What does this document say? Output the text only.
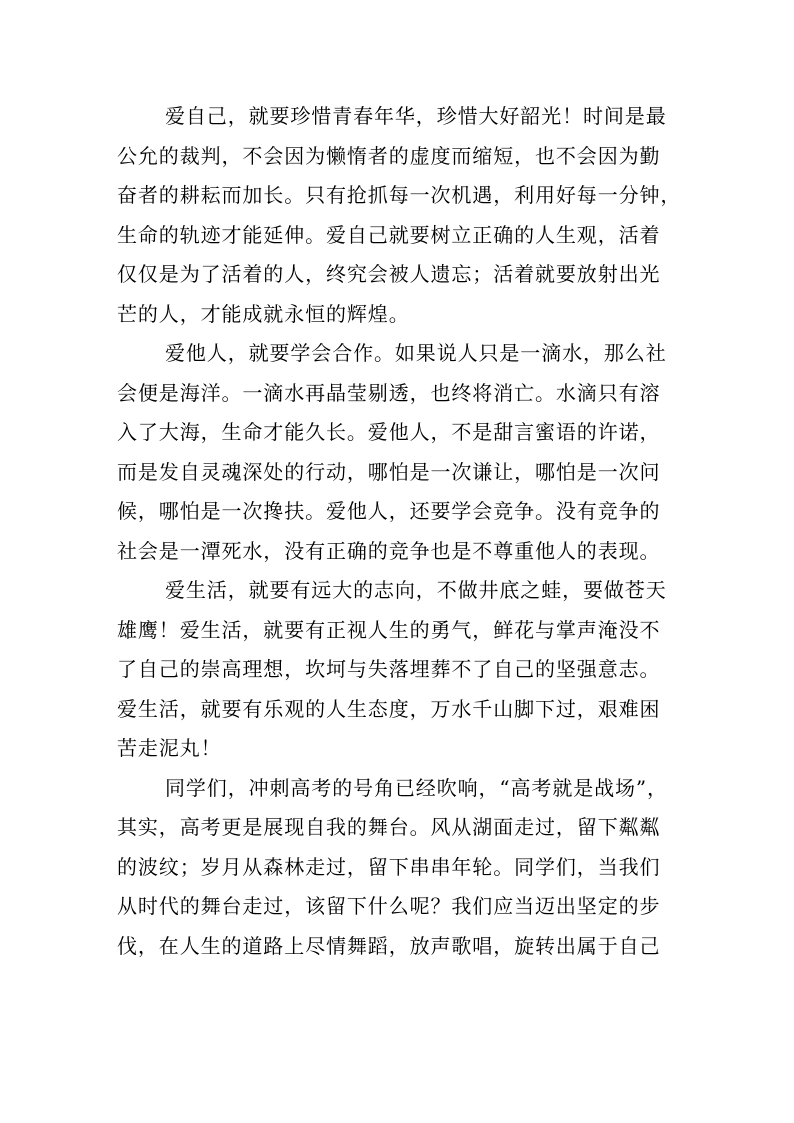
爱自己，就要珍惜青春年华，珍惜大好韶光！时间是最
公允的裁判，不会因为懒惰者的虚度而缩短，也不会因为勤
奋者的耕耘而加长。只有抢抓每一次机遇，利用好每一分钟，
生命的轨迹才能延伸。爱自己就要树立正确的人生观，活着
仅仅是为了活着的人，终究会被人遗忘；活着就要放射出光
芒的人，才能成就永恒的辉煌。
爱他人，就要学会合作。如果说人只是一滴水，那么社
会便是海洋。一滴水再晶莹剔透，也终将消亡。水滴只有溶
入了大海，生命才能久长。爱他人，不是甜言蜜语的许诺，
而是发自灵魂深处的行动，哪怕是一次谦让，哪怕是一次问
候，哪怕是一次搀扶。爱他人，还要学会竞争。没有竞争的
社会是一潭死水，没有正确的竞争也是不尊重他人的表现。
爱生活，就要有远大的志向，不做井底之蛙，要做苍天
雄鹰！爱生活，就要有正视人生的勇气，鲜花与掌声淹没不
了自己的崇高理想，坎坷与失落埋葬不了自己的坚强意志。
爱生活，就要有乐观的人生态度，万水千山脚下过，艰难困
苦走泥丸！
同学们，冲刺高考的号角已经吹响，“高考就是战场”，
其实，高考更是展现自我的舞台。风从湖面走过，留下粼粼
的波纹；岁月从森林走过，留下串串年轮。同学们，当我们
从时代的舞台走过，该留下什么呢？我们应当迈出坚定的步
伐，在人生的道路上尽情舞蹈，放声歌唱，旋转出属于自己
